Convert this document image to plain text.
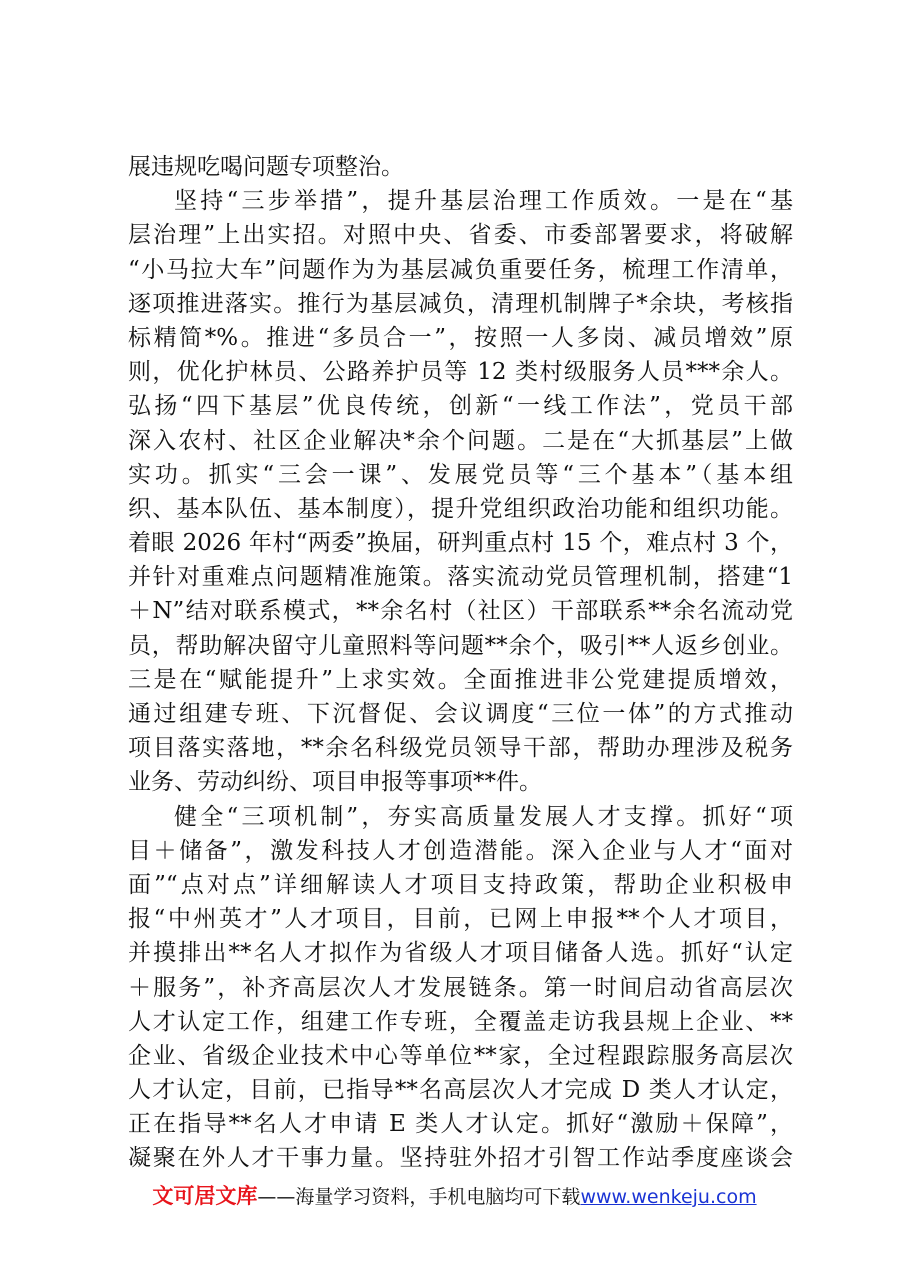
展违规吃喝问题专项整治。
坚持“三步举措”，提升基层治理工作质效。一是在“基
层治理”上出实招。对照中央、省委、市委部署要求，将破解
“小马拉大车”问题作为为基层减负重要任务，梳理工作清单，
逐项推进落实。推行为基层减负，清理机制牌子*余块，考核指
标精简*%。推进“多员合一”，按照一人多岗、减员增效”原
则，优化护林员、公路养护员等 12 类村级服务人员***余人。
弘扬“四下基层”优良传统，创新“一线工作法”，党员干部
深入农村、社区企业解决*余个问题。二是在“大抓基层”上做
实功。抓实“三会一课”、发展党员等“三个基本”（基本组
织、基本队伍、基本制度），提升党组织政治功能和组织功能。
着眼 2026 年村“两委”换届，研判重点村 15 个，难点村 3 个，
并针对重难点问题精准施策。落实流动党员管理机制，搭建“1
＋N”结对联系模式，**余名村（社区）干部联系**余名流动党
员，帮助解决留守儿童照料等问题**余个，吸引**人返乡创业。
三是在“赋能提升”上求实效。全面推进非公党建提质增效，
通过组建专班、下沉督促、会议调度“三位一体”的方式推动
项目落实落地，**余名科级党员领导干部，帮助办理涉及税务
业务、劳动纠纷、项目申报等事项**件。
健全“三项机制”，夯实高质量发展人才支撑。抓好“项
目＋储备”，激发科技人才创造潜能。深入企业与人才“面对
面”“点对点”详细解读人才项目支持政策，帮助企业积极申
报“中州英才”人才项目，目前，已网上申报**个人才项目，
并摸排出**名人才拟作为省级人才项目储备人选。抓好“认定
＋服务”，补齐高层次人才发展链条。第一时间启动省高层次
人才认定工作，组建工作专班，全覆盖走访我县规上企业、**
企业、省级企业技术中心等单位**家，全过程跟踪服务高层次
人才认定，目前，已指导**名高层次人才完成 D 类人才认定，
正在指导**名人才申请 E 类人才认定。抓好“激励＋保障”，
凝聚在外人才干事力量。坚持驻外招才引智工作站季度座谈会
文可居文库——海量学习资料，手机电脑均可下载www.wenkeju.com
